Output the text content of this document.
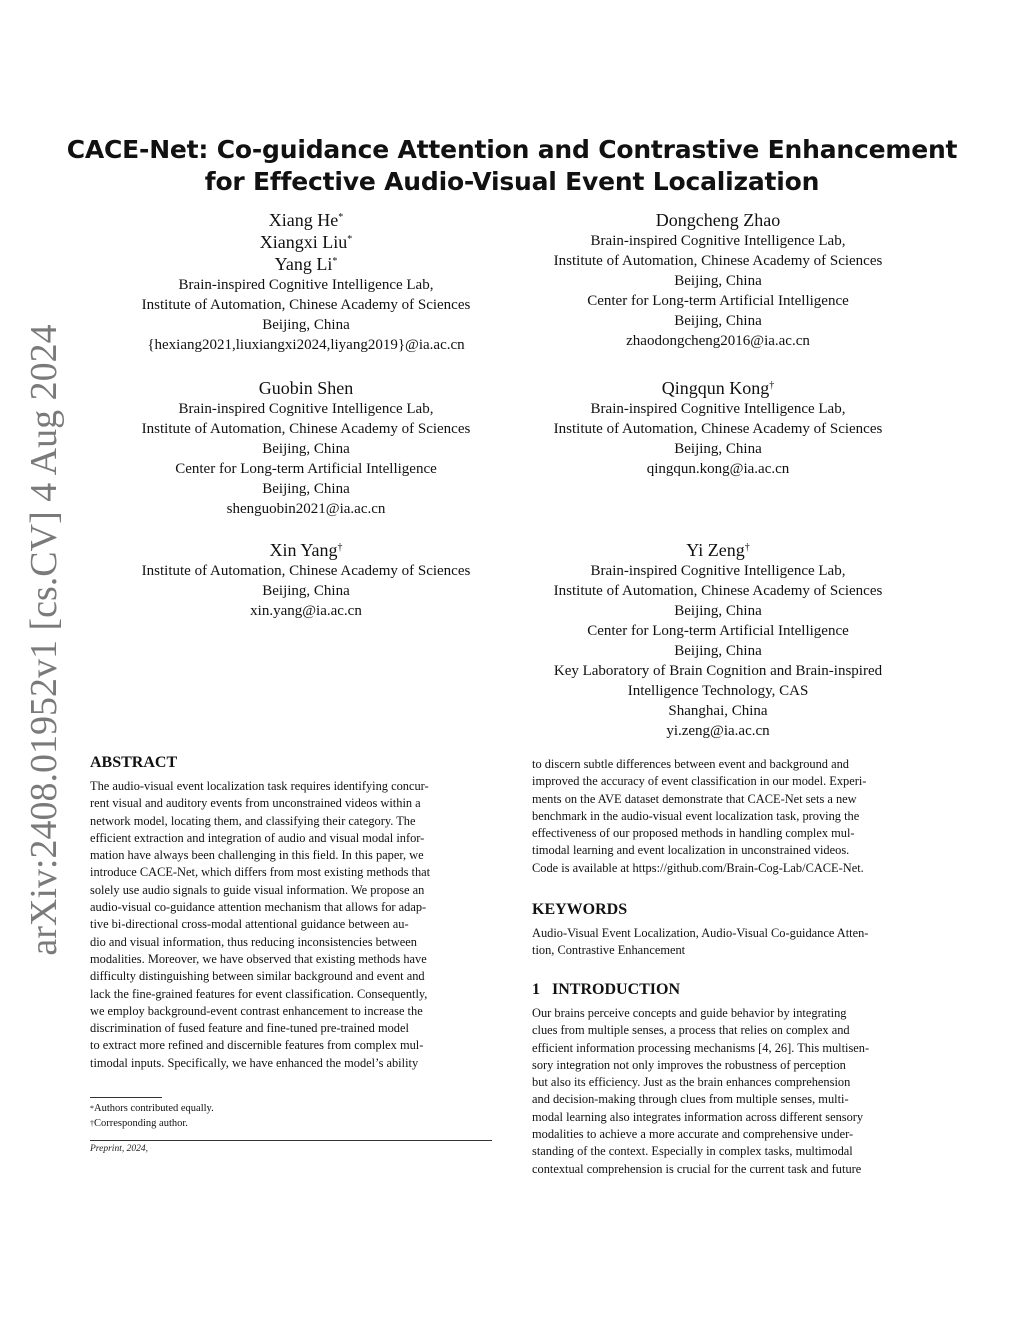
arXiv:2408.01952v1 [cs.CV] 4 Aug 2024
CACE-Net: Co-guidance Attention and Contrastive Enhancement
for Effective Audio-Visual Event Localization
Xiang He*
Xiangxi Liu*
Yang Li*
Brain-inspired Cognitive Intelligence Lab,
Institute of Automation, Chinese Academy of Sciences
Beijing, China
{hexiang2021,liuxiangxi2024,liyang2019}@ia.ac.cn
Dongcheng Zhao
Brain-inspired Cognitive Intelligence Lab,
Institute of Automation, Chinese Academy of Sciences
Beijing, China
Center for Long-term Artificial Intelligence
Beijing, China
zhaodongcheng2016@ia.ac.cn
Guobin Shen
Brain-inspired Cognitive Intelligence Lab,
Institute of Automation, Chinese Academy of Sciences
Beijing, China
Center for Long-term Artificial Intelligence
Beijing, China
shenguobin2021@ia.ac.cn
Qingqun Kong†
Brain-inspired Cognitive Intelligence Lab,
Institute of Automation, Chinese Academy of Sciences
Beijing, China
qingqun.kong@ia.ac.cn
Xin Yang†
Institute of Automation, Chinese Academy of Sciences
Beijing, China
xin.yang@ia.ac.cn
Yi Zeng†
Brain-inspired Cognitive Intelligence Lab,
Institute of Automation, Chinese Academy of Sciences
Beijing, China
Center for Long-term Artificial Intelligence
Beijing, China
Key Laboratory of Brain Cognition and Brain-inspired
Intelligence Technology, CAS
Shanghai, China
yi.zeng@ia.ac.cn
ABSTRACT
The audio-visual event localization task requires identifying concur-
rent visual and auditory events from unconstrained videos within a
network model, locating them, and classifying their category. The
efficient extraction and integration of audio and visual modal infor-
mation have always been challenging in this field. In this paper, we
introduce CACE-Net, which differs from most existing methods that
solely use audio signals to guide visual information. We propose an
audio-visual co-guidance attention mechanism that allows for adap-
tive bi-directional cross-modal attentional guidance between au-
dio and visual information, thus reducing inconsistencies between
modalities. Moreover, we have observed that existing methods have
difficulty distinguishing between similar background and event and
lack the fine-grained features for event classification. Consequently,
we employ background-event contrast enhancement to increase the
discrimination of fused feature and fine-tuned pre-trained model
to extract more refined and discernible features from complex mul-
timodal inputs. Specifically, we have enhanced the model’s ability
*Authors contributed equally.
†Corresponding author.
Preprint, 2024,
to discern subtle differences between event and background and
improved the accuracy of event classification in our model. Experi-
ments on the AVE dataset demonstrate that CACE-Net sets a new
benchmark in the audio-visual event localization task, proving the
effectiveness of our proposed methods in handling complex mul-
timodal learning and event localization in unconstrained videos.
Code is available at https://github.com/Brain-Cog-Lab/CACE-Net.
KEYWORDS
Audio-Visual Event Localization, Audio-Visual Co-guidance Atten-
tion, Contrastive Enhancement
1   INTRODUCTION
Our brains perceive concepts and guide behavior by integrating
clues from multiple senses, a process that relies on complex and
efficient information processing mechanisms [4, 26]. This multisen-
sory integration not only improves the robustness of perception
but also its efficiency. Just as the brain enhances comprehension
and decision-making through clues from multiple senses, multi-
modal learning also integrates information across different sensory
modalities to achieve a more accurate and comprehensive under-
standing of the context. Especially in complex tasks, multimodal
contextual comprehension is crucial for the current task and future
